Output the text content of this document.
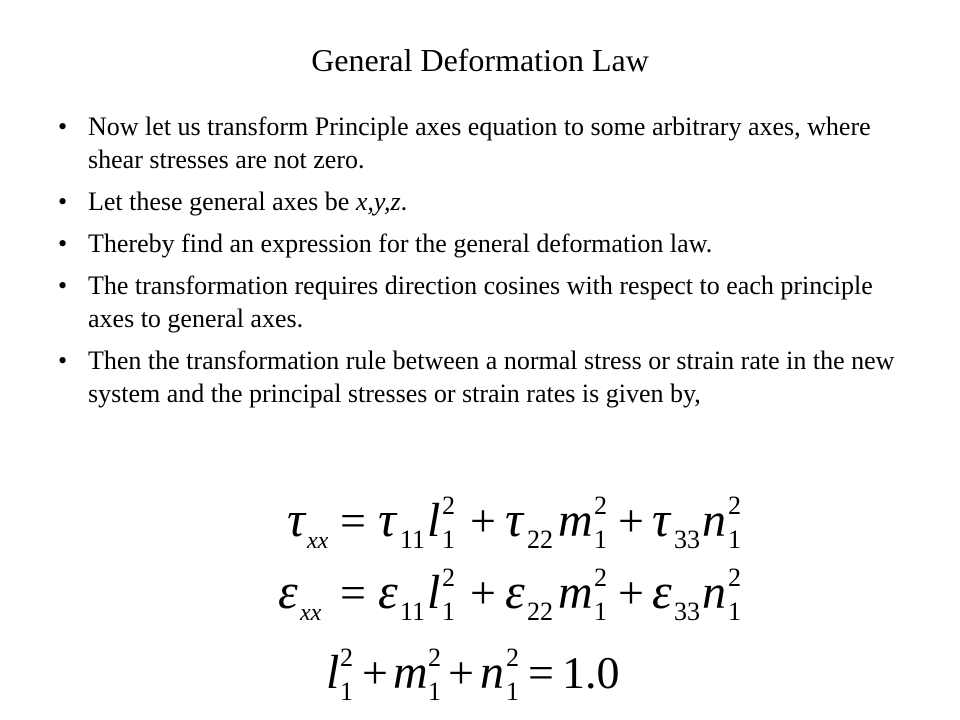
General Deformation Law
• Now let us transform Principle axes equation to some arbitrary axes, where shear stresses are not zero.
• Let these general axes be x,y,z.
• Thereby find an expression for the general deformation law.
• The transformation requires direction cosines with respect to each principle axes to general axes.
• Then the transformation rule between a normal stress or strain rate in the new system and the principal stresses or strain rates is given by,
τ xx = τ 11 l 1
2 + τ 22 m 1
2 + τ 33 n 1
2
ε xx = ε 11 l 1
2 + ε 22 m 1
2 + ε 33 n 1
2
l 1
2 + m 1
2 + n 1
2 = 1.0
